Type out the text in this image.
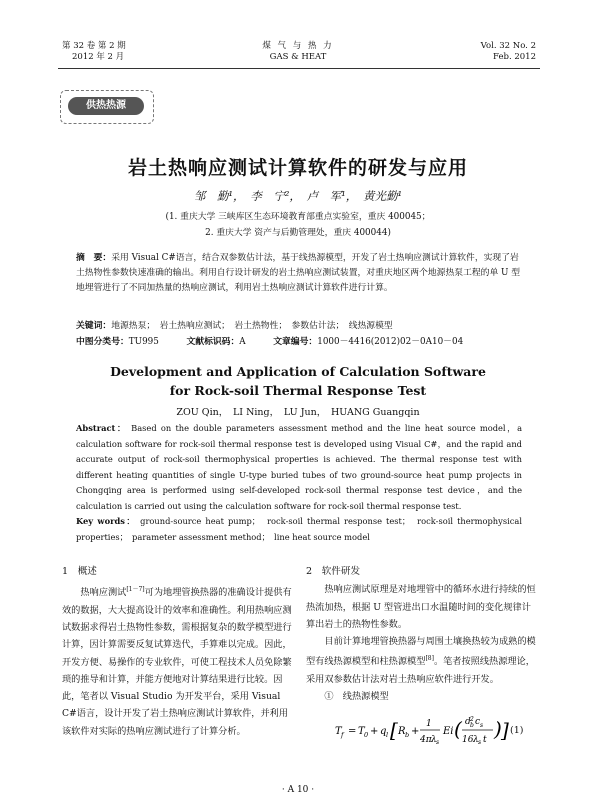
第 32 卷 第 2 期
2012 年 2 月
煤 气 与 热 力
GAS & HEAT
Vol. 32 No. 2
Feb. 2012
供热热源
岩土热响应测试计算软件的研发与应用
邹　勤¹，　李　宁²，　卢　军¹，　黄光勤¹
(1. 重庆大学 三峡库区生态环境教育部重点实验室，重庆 400045；
2. 重庆大学 资产与后勤管理处，重庆 400044)
摘　要：采用 Visual C#语言，结合双参数估计法，基于线热源模型，开发了岩土热响应测试计算软件，实现了岩土热物性参数快速准确的输出。利用自行设计研发的岩土热响应测试装置，对重庆地区两个地源热泵工程的单 U 型地埋管进行了不同加热量的热响应测试，利用岩土热响应测试计算软件进行计算。
关键词：地源热泵；　岩土热响应测试；　岩土热物性；　参数估计法；　线热源模型
中图分类号：TU995	文献标识码：A	文章编号：1000－4416(2012)02－0A10－04
Development and Application of Calculation Software
for Rock-soil Thermal Response Test
ZOU Qin，　LI Ning，　LU Jun，　HUANG Guangqin
Abstract： Based on the double parameters assessment method and the line heat source model，a calculation software for rock-soil thermal response test is developed using Visual C#，and the rapid and accurate output of rock-soil thermophysical properties is achieved. The thermal response test with different heating quantities of single U-type buried tubes of two ground-source heat pump projects in Chongqing area is performed using self-developed rock-soil thermal response test device，and the calculation is carried out using the calculation software for rock-soil thermal response test.
Key words： ground-source heat pump；　rock-soil thermal response test；　rock-soil thermophysical properties；　parameter assessment method；　line heat source model
1　概述
热响应测试[1－7]可为地埋管换热器的准确设计提供有效的数据，大大提高设计的效率和准确性。利用热响应测试数据求得岩土热物性参数，需根据复杂的数学模型进行计算，因计算需要反复试算迭代，手算难以完成。因此，开发方便、易操作的专业软件，可使工程技术人员免除繁琐的推导和计算，并能方便地对计算结果进行比较。因此，笔者以 Visual Studio 为开发平台，采用 Visual C#语言，设计开发了岩土热响应测试计算软件，并利用该软件对实际的热响应测试进行了计算分析。
2　软件研发
热响应测试原理是对地埋管中的循环水进行持续的恒热流加热，根据 U 型管进出口水温随时间的变化规律计算出岩土的热物性参数。
目前计算地埋管换热器与周围土壤换热较为成熟的模型有线热源模型和柱热源模型[8]。笔者按照线热源理论，采用双参数估计法对岩土热响应软件进行开发。
①　线热源模型
T f = T 0 + q l [ R b +
1
4π λ s
Ei ( d 2
b c s
16 λ s t ) ] (1)
· A 10 ·
